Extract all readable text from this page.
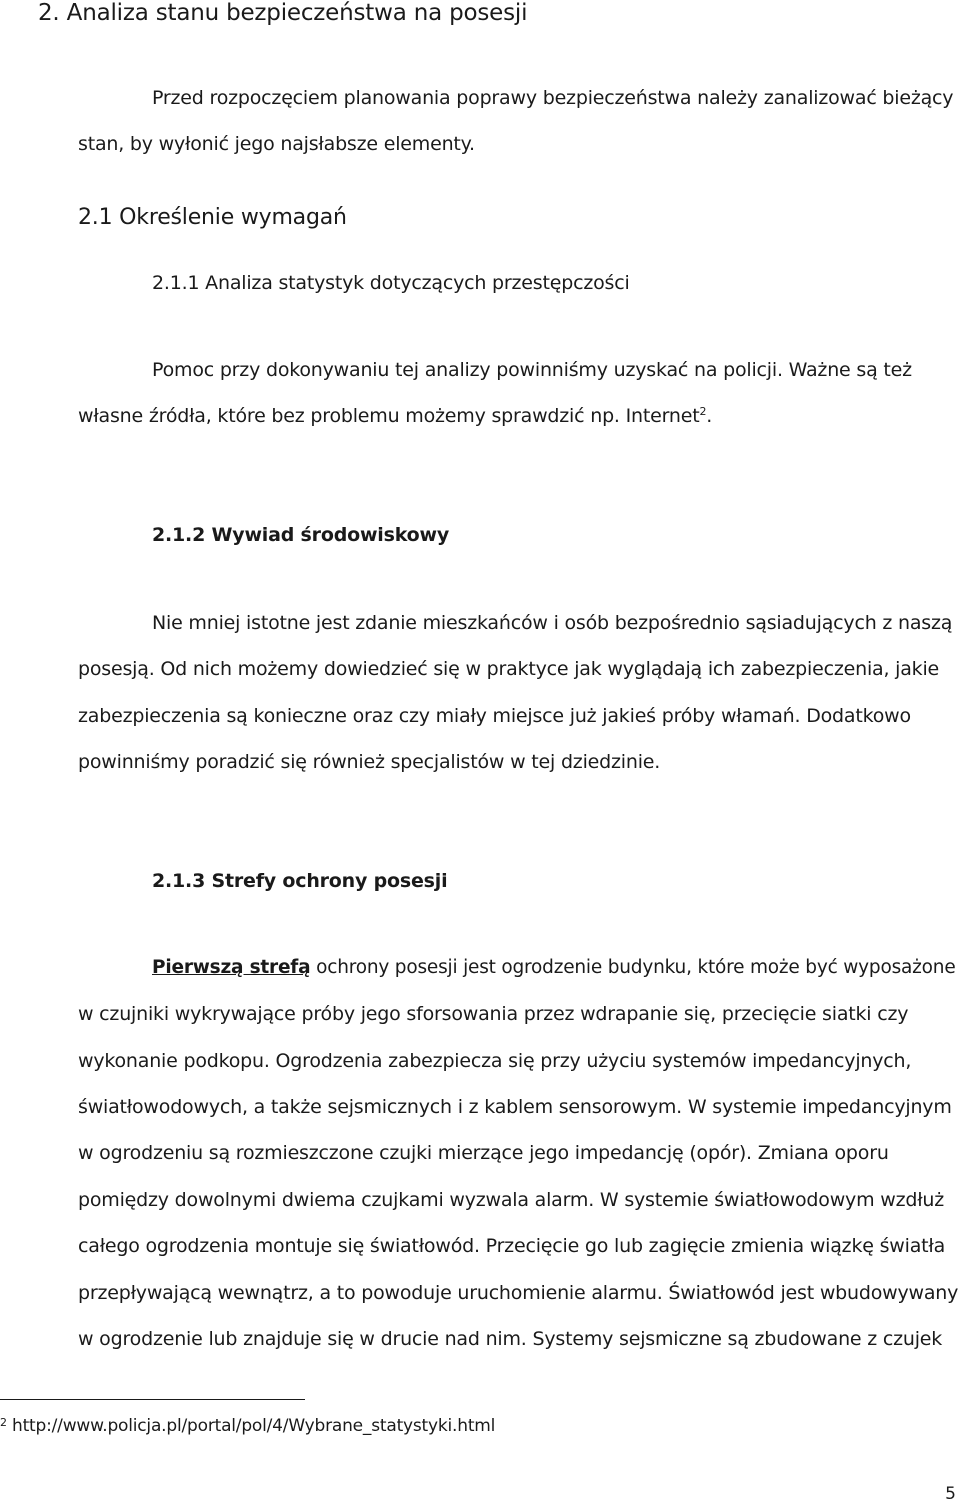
2. Analiza stanu bezpieczeństwa na posesji

Przed rozpoczęciem planowania poprawy bezpieczeństwa należy zanalizować bieżący

stan, by wyłonić jego najsłabsze elementy.

2.1 Określenie wymagań
2.1.1 Analiza statystyk dotyczących przestępczości

Pomoc przy dokonywaniu tej analizy powinniśmy uzyskać na policji. Ważne są też

własne źródła, które bez problemu możemy sprawdzić np. Internet$^2$.

2.1.2 Wywiad środowiskowy

Nie mniej istotne jest zdanie mieszkańców i osób bezpośrednio sąsiadujących z naszą

posesją. Od nich możemy dowiedzieć się w praktyce jak wyglądają ich zabezpieczenia, jakie

zabezpieczenia są konieczne oraz czy miały miejsce już jakieś próby włamań. Dodatkowo

powinniśmy poradzić się również specjalistów w tej dziedzinie.

2.1.3 Strefy ochrony posesji

Pierwszą strefą ochrony posesji jest ogrodzenie budynku, które może być wyposażone

w czujniki wykrywające próby jego sforsowania przez wdrapanie się, przecięcie siatki czy

wykonanie podkopu. Ogrodzenia zabezpiecza się przy użyciu systemów impedancyjnych,

światłowodowych, a także sejsmicznych i z kablem sensorowym. W systemie impedancyjnym

w ogrodzeniu są rozmieszczone czujki mierzące jego impedancję (opór). Zmiana oporu

pomiędzy dowolnymi dwiema czujkami wyzwala alarm. W systemie światłowodowym wzdłuż

całego ogrodzenia montuje się światłowód. Przecięcie go lub zagięcie zmienia wiązkę światła

przepływającą wewnątrz, a to powoduje uruchomienie alarmu. Światłowód jest wbudowywany

w ogrodzenie lub znajduje się w drucie nad nim. Systemy sejsmiczne są zbudowane z czujek

$^2$ http://www.policja.pl/portal/pol/4/Wybrane_statystyki.html
5
